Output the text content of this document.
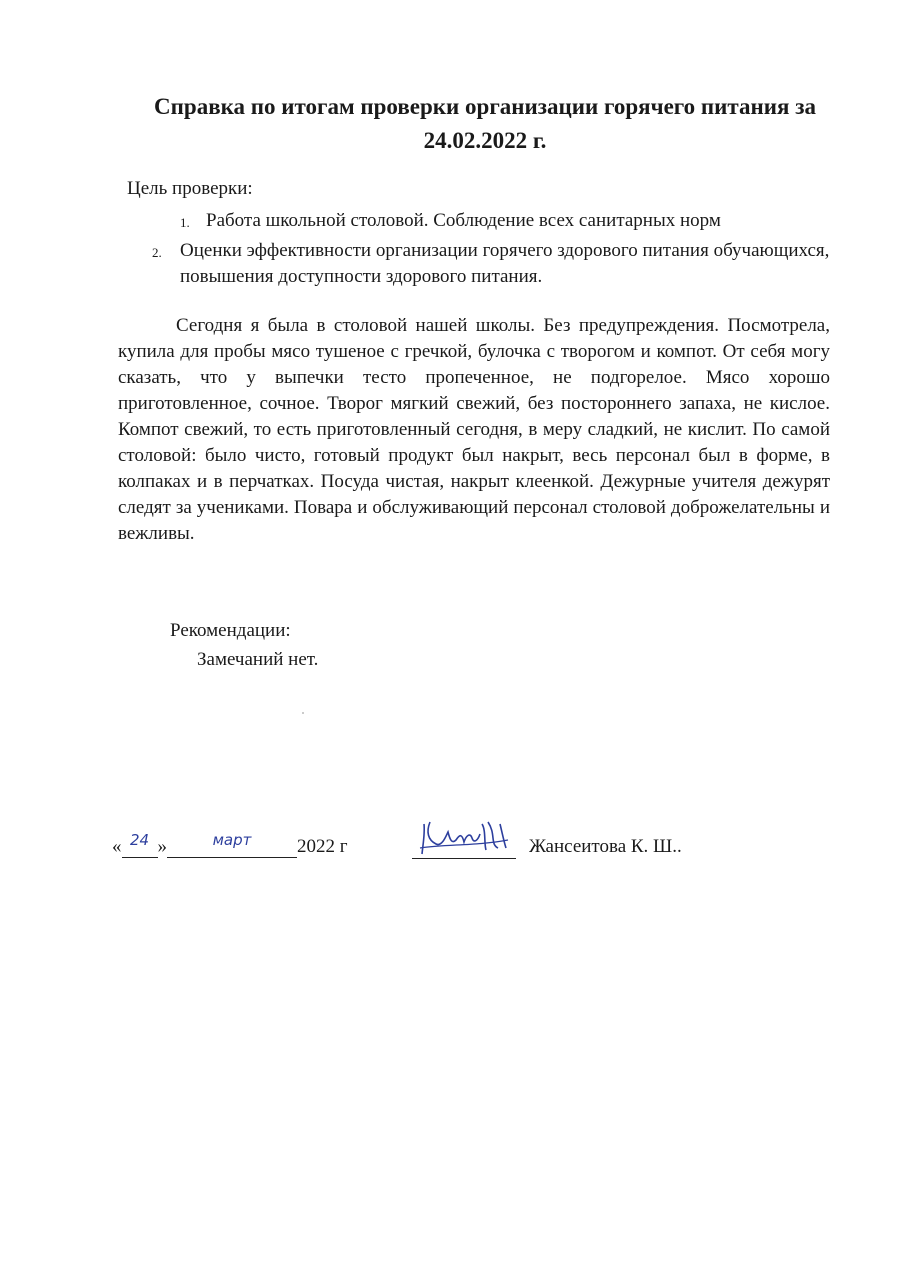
Справка по итогам проверки организации горячего питания за
24.02.2022 г.
Цель проверки:

1. Работа школьной столовой. Соблюдение всех санитарных норм

2. Оценки эффективности организации горячего здорового питания обучающихся, повышения доступности здорового питания.

Сегодня я была в столовой нашей школы. Без предупреждения. Посмотрела, купила для пробы мясо тушеное с гречкой, булочка с творогом и компот. От себя могу сказать, что у выпечки тесто пропеченное, не подгорелое. Мясо хорошо приготовленное, сочное. Творог мягкий свежий, без постороннего запаха, не кислое. Компот свежий, то есть приготовленный сегодня, в меру сладкий, не кислит. По самой столовой: было чисто, готовый продукт был накрыт, весь персонал был в форме, в колпаках и в перчатках. Посуда чистая, накрыт клеенкой. Дежурные учителя дежурят следят за учениками. Повара и обслуживающий персонал столовой доброжелательны и вежливы.

Рекомендации:
Замечаний нет.
« $^{24}$ »	$^{март}$	2022 г	Жансеитова К. Ш..
